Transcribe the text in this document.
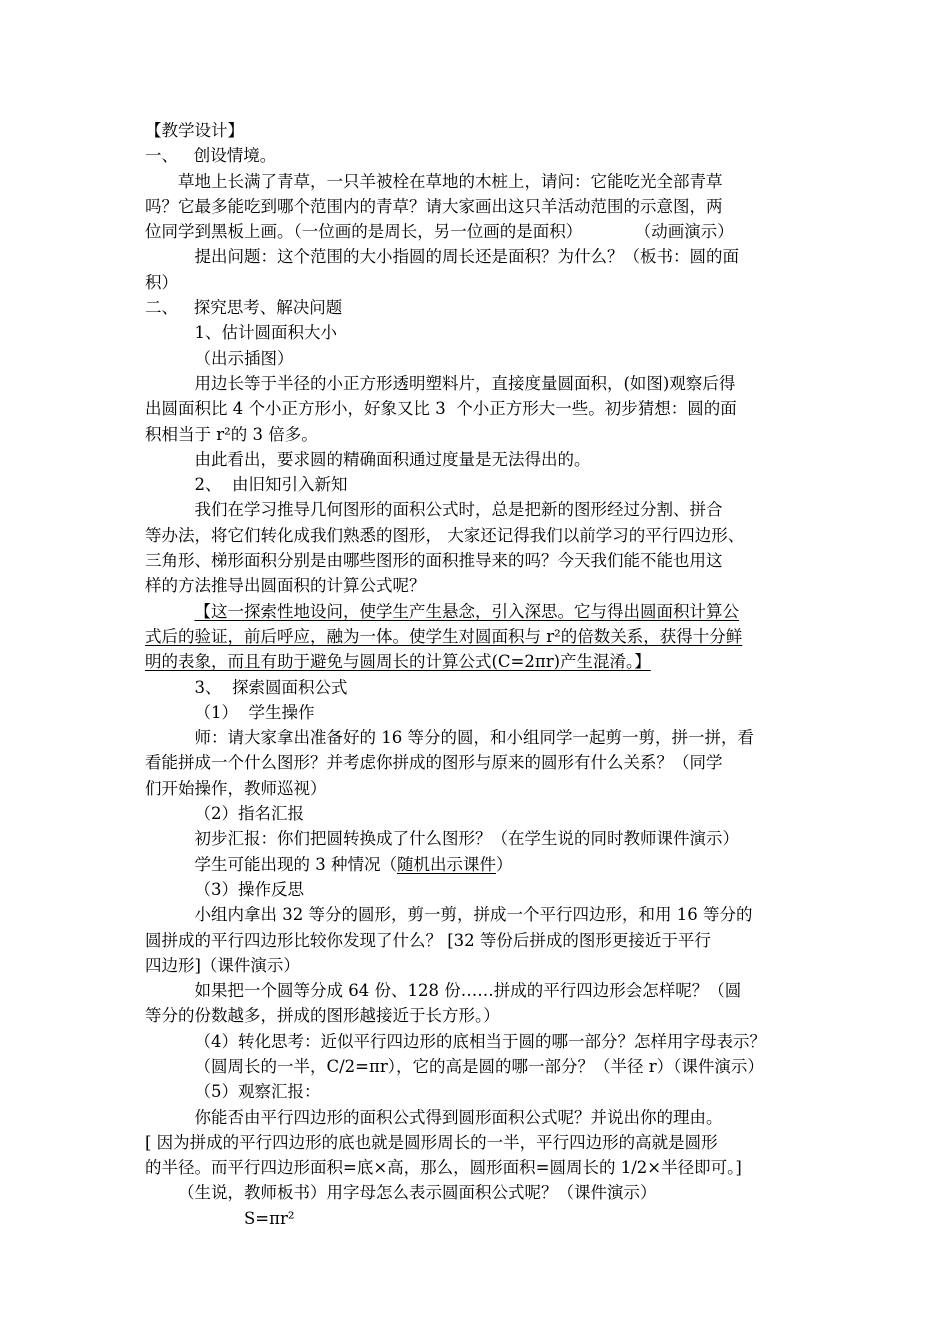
【教学设计】
一、   创设情境。
草地上长满了青草，一只羊被栓在草地的木桩上，请问：它能吃光全部青草
吗？它最多能吃到哪个范围内的青草？请大家画出这只羊活动范围的示意图，两
位同学到黑板上画。（一位画的是周长，另一位画的是面积）          （动画演示）
提出问题：这个范围的大小指圆的周长还是面积？为什么？（板书：圆的面
积）
二、   探究思考、解决问题
1、估计圆面积大小
（出示插图）
用边长等于半径的小正方形透明塑料片，直接度量圆面积，(如图)观察后得
出圆面积比 4 个小正方形小，好象又比 3  个小正方形大一些。初步猜想：圆的面
积相当于 r²的 3 倍多。
由此看出，要求圆的精确面积通过度量是无法得出的。
2、  由旧知引入新知
我们在学习推导几何图形的面积公式时，总是把新的图形经过分割、拼合
等办法，将它们转化成我们熟悉的图形， 大家还记得我们以前学习的平行四边形、
三角形、梯形面积分别是由哪些图形的面积推导来的吗？今天我们能不能也用这
样的方法推导出圆面积的计算公式呢？
【这一探索性地设问，使学生产生悬念，引入深思。它与得出圆面积计算公
式后的验证，前后呼应，融为一体。使学生对圆面积与 r²的倍数关系，获得十分鲜
明的表象，而且有助于避免与圆周长的计算公式(C=2πr)产生混淆。】
3、  探索圆面积公式
（1）  学生操作
师：请大家拿出准备好的 16 等分的圆，和小组同学一起剪一剪，拼一拼，看
看能拼成一个什么图形？并考虑你拼成的图形与原来的圆形有什么关系？（同学
们开始操作，教师巡视）
（2）指名汇报
初步汇报：你们把圆转换成了什么图形？（在学生说的同时教师课件演示）
学生可能出现的 3 种情况（随机出示课件）
（3）操作反思
小组内拿出 32 等分的圆形，剪一剪，拼成一个平行四边形，和用 16 等分的
圆拼成的平行四边形比较你发现了什么？ [32 等份后拼成的图形更接近于平行
四边形]（课件演示）
如果把一个圆等分成 64 份、128 份……拼成的平行四边形会怎样呢？（圆
等分的份数越多，拼成的图形越接近于长方形。）
（4）转化思考：近似平行四边形的底相当于圆的哪一部分？怎样用字母表示？
（圆周长的一半，C/2=πr），它的高是圆的哪一部分？（半径 r）（课件演示）
（5）观察汇报：
你能否由平行四边形的面积公式得到圆形面积公式呢？并说出你的理由。
[ 因为拼成的平行四边形的底也就是圆形周长的一半，平行四边形的高就是圆形
的半径。而平行四边形面积=底×高，那么，圆形面积=圆周长的 1/2×半径即可。]
（生说，教师板书）用字母怎么表示圆面积公式呢？（课件演示）
S=πr²
